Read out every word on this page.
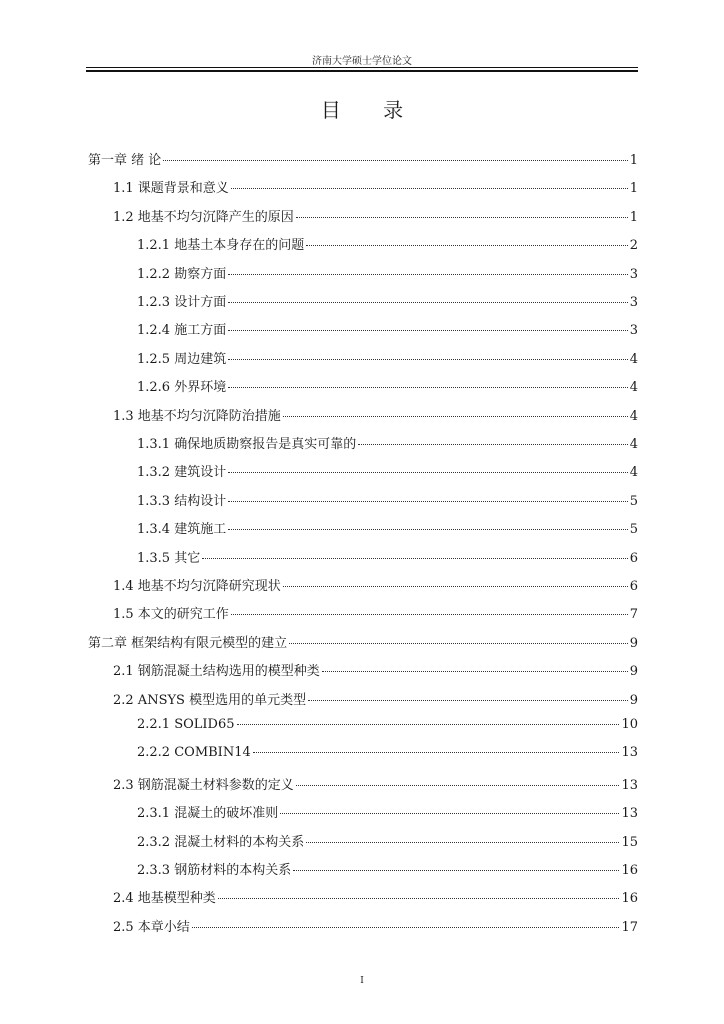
济南大学硕士学位论文
目 录
第一章 绪 论	1
1.1 课题背景和意义	1
1.2 地基不均匀沉降产生的原因	1
1.2.1 地基土本身存在的问题	2
1.2.2 勘察方面	3
1.2.3 设计方面	3
1.2.4 施工方面	3
1.2.5 周边建筑	4
1.2.6 外界环境	4
1.3 地基不均匀沉降防治措施	4
1.3.1 确保地质勘察报告是真实可靠的	4
1.3.2 建筑设计	4
1.3.3 结构设计	5
1.3.4 建筑施工	5
1.3.5 其它	6
1.4 地基不均匀沉降研究现状	6
1.5 本文的研究工作	7
第二章 框架结构有限元模型的建立	9
2.1 钢筋混凝土结构选用的模型种类	9
2.2 ANSYS 模型选用的单元类型	9
2.2.1 SOLID65	10
2.2.2 COMBIN14	13
2.3 钢筋混凝土材料参数的定义	13
2.3.1 混凝土的破坏准则	13
2.3.2 混凝土材料的本构关系	15
2.3.3 钢筋材料的本构关系	16
2.4 地基模型种类	16
2.5 本章小结	17
I
